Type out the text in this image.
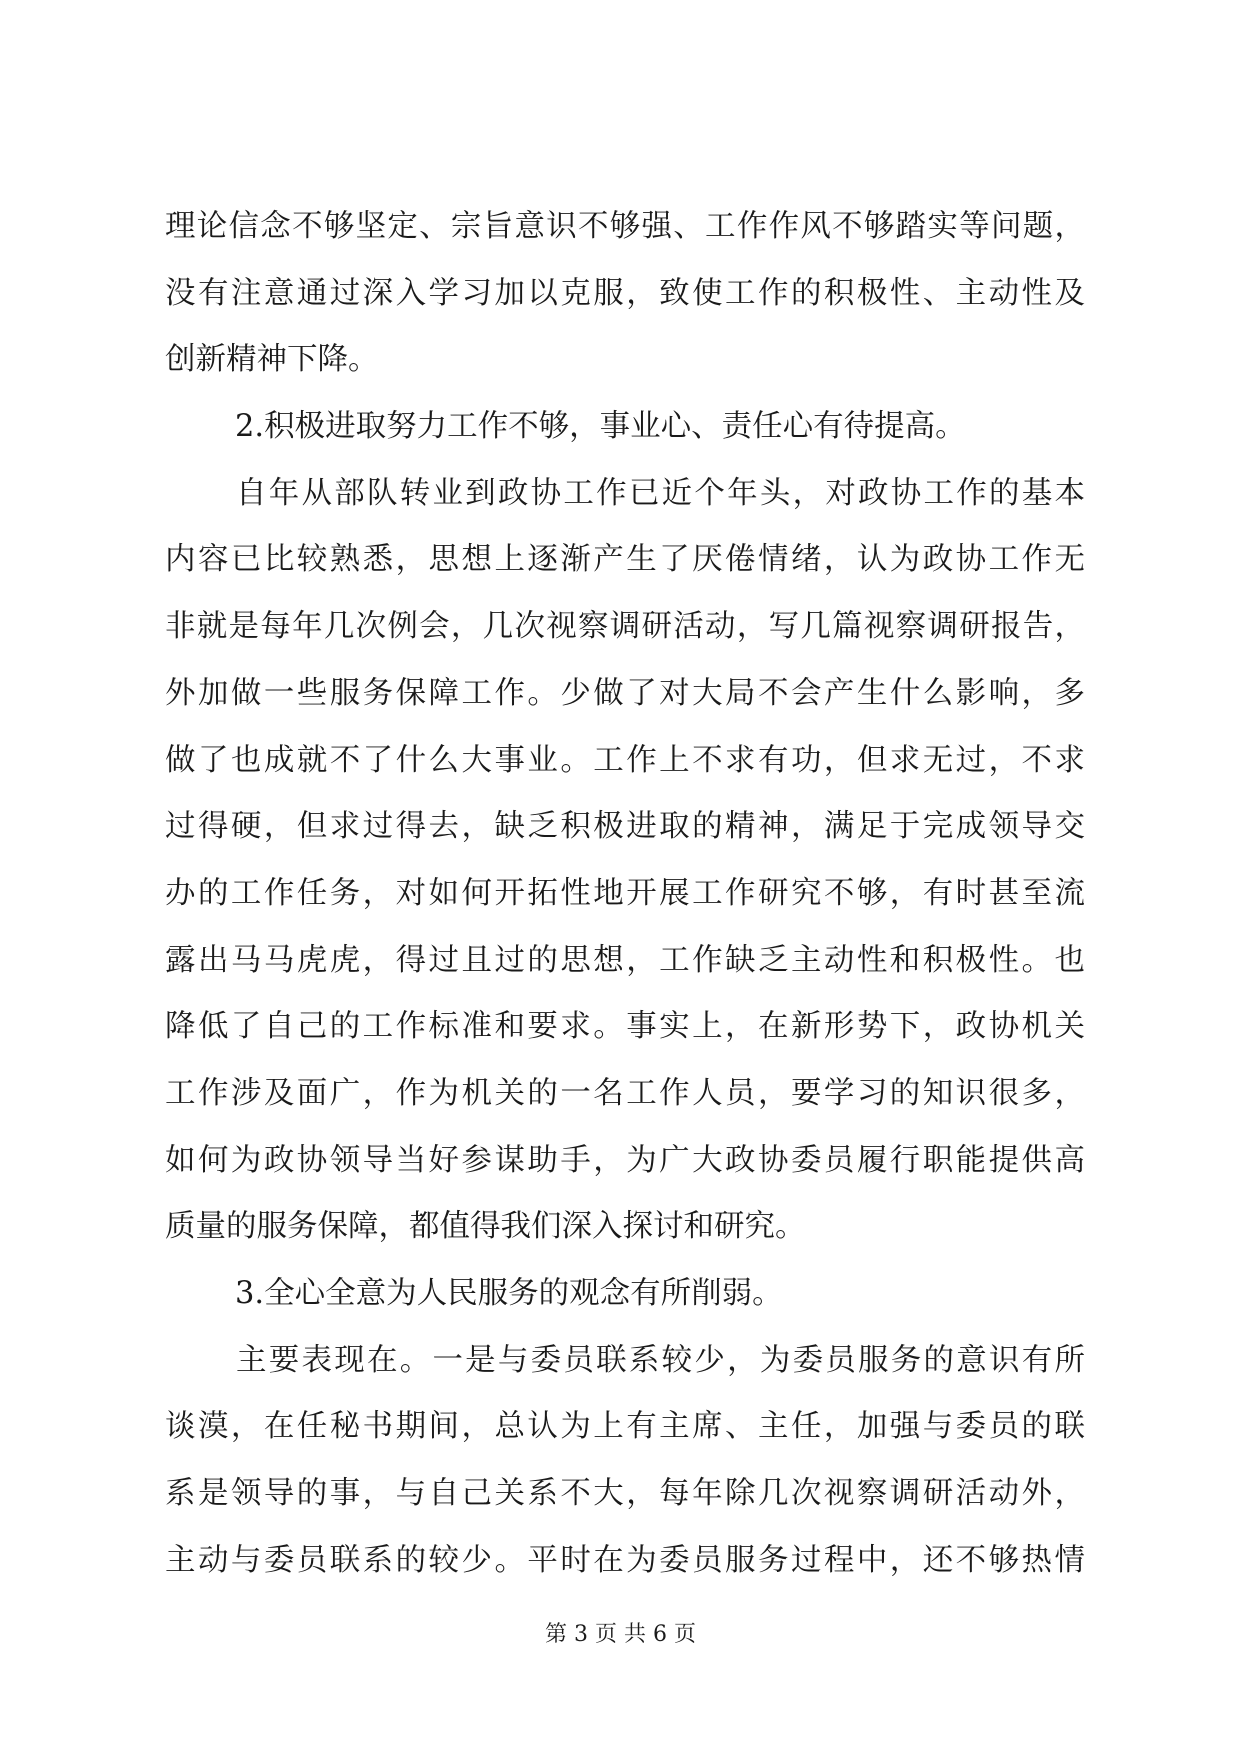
理论信念不够坚定、宗旨意识不够强、工作作风不够踏实等问题，
没有注意通过深入学习加以克服，致使工作的积极性、主动性及
创新精神下降。
2.积极进取努力工作不够，事业心、责任心有待提高。
自年从部队转业到政协工作已近个年头，对政协工作的基本
内容已比较熟悉，思想上逐渐产生了厌倦情绪，认为政协工作无
非就是每年几次例会，几次视察调研活动，写几篇视察调研报告，
外加做一些服务保障工作。少做了对大局不会产生什么影响，多
做了也成就不了什么大事业。工作上不求有功，但求无过，不求
过得硬，但求过得去，缺乏积极进取的精神，满足于完成领导交
办的工作任务，对如何开拓性地开展工作研究不够，有时甚至流
露出马马虎虎，得过且过的思想，工作缺乏主动性和积极性。也
降低了自己的工作标准和要求。事实上，在新形势下，政协机关
工作涉及面广，作为机关的一名工作人员，要学习的知识很多，
如何为政协领导当好参谋助手，为广大政协委员履行职能提供高
质量的服务保障，都值得我们深入探讨和研究。
3.全心全意为人民服务的观念有所削弱。
主要表现在。一是与委员联系较少，为委员服务的意识有所
谈漠，在任秘书期间，总认为上有主席、主任，加强与委员的联
系是领导的事，与自己关系不大，每年除几次视察调研活动外，
主动与委员联系的较少。平时在为委员服务过程中，还不够热情
第 3 页 共 6 页
